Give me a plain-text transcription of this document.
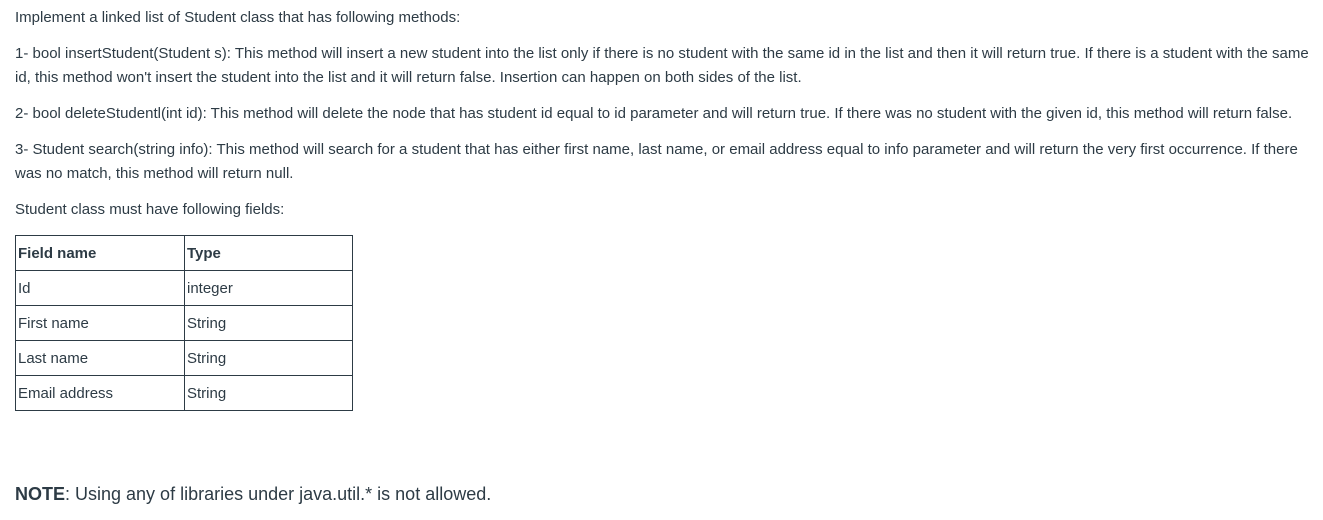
Implement a linked list of Student class that has following methods:

1- bool insertStudent(Student s): This method will insert a new student into the list only if there is no student with the same id in the list and then it will return true. If there is a student with the same id, this method won't insert the student into the list and it will return false. Insertion can happen on both sides of the list.

2- bool deleteStudentl(int id): This method will delete the node that has student id equal to id parameter and will return true. If there was no student with the given id, this method will return false.

3- Student search(string info): This method will search for a student that has either first name, last name, or email address equal to info parameter and will return the very first occurrence. If there was no match, this method will return null.

Student class must have following fields:

Field name	Type
Id	integer
First name	String
Last name	String
Email address	String

NOTE: Using any of libraries under java.util.* is not allowed.
